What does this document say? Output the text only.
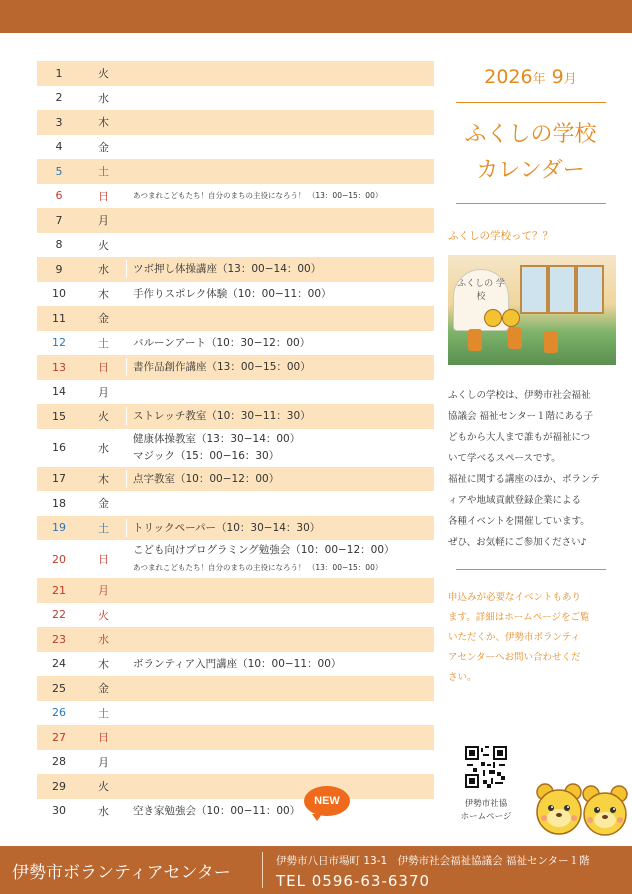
1	火
2	水
3	木
4	金
5	土
6	日	あつまれこどもたち！自分のまちの主役になろう！ （13：00−15：00）
7	月
8	火
9	水	ツボ押し体操講座（13：00−14：00）
10	木	手作りスポレク体験（10：00−11：00）
11	金
12	土	バルーンアート（10：30−12：00）
13	日	書作品創作講座（13：00−15：00）
14	月
15	火	ストレッチ教室（10：30−11：30）
16	水
健康体操教室（13：30−14：00）
マジック（15：00−16：30）
17	木	点字教室（10：00−12：00）
18	金
19	土	トリックペーパー（10：30−14：30）
20	日
こども向けプログラミング勉強会（10：00−12：00）
あつまれこどもたち！自分のまちの主役になろう！ （13：00−15：00）
21	月
22	火
23	水
24	木	ボランティア入門講座（10：00−11：00）
25	金
26	土
27	日
28	月
29	火
30	水	空き家勉強会（10：00−11：00）
NEW
2026年 9月
ふくしの学校
カレンダー
ふくしの学校って？？
ふくしの 学校
ふくしの学校は、伊勢市社会福祉
協議会 福祉センター１階にある子
どもから大人まで誰もが福祉につ
いて学べるスペースです。
福祉に関する講座のほか、ボランテ
ィアや地域貢献登録企業による
各種イベントを開催しています。
ぜひ、お気軽にご参加ください♪
申込みが必要なイベントもあり
ます。詳細はホームページをご覧
いただくか、伊勢市ボランティ
アセンターへお問い合わせくだ
さい。
伊勢市社協
ホームページ
伊勢市ボランティアセンター
伊勢市八日市場町 13-1　伊勢市社会福祉協議会 福祉センター１階
TEL 0596-63-6370
